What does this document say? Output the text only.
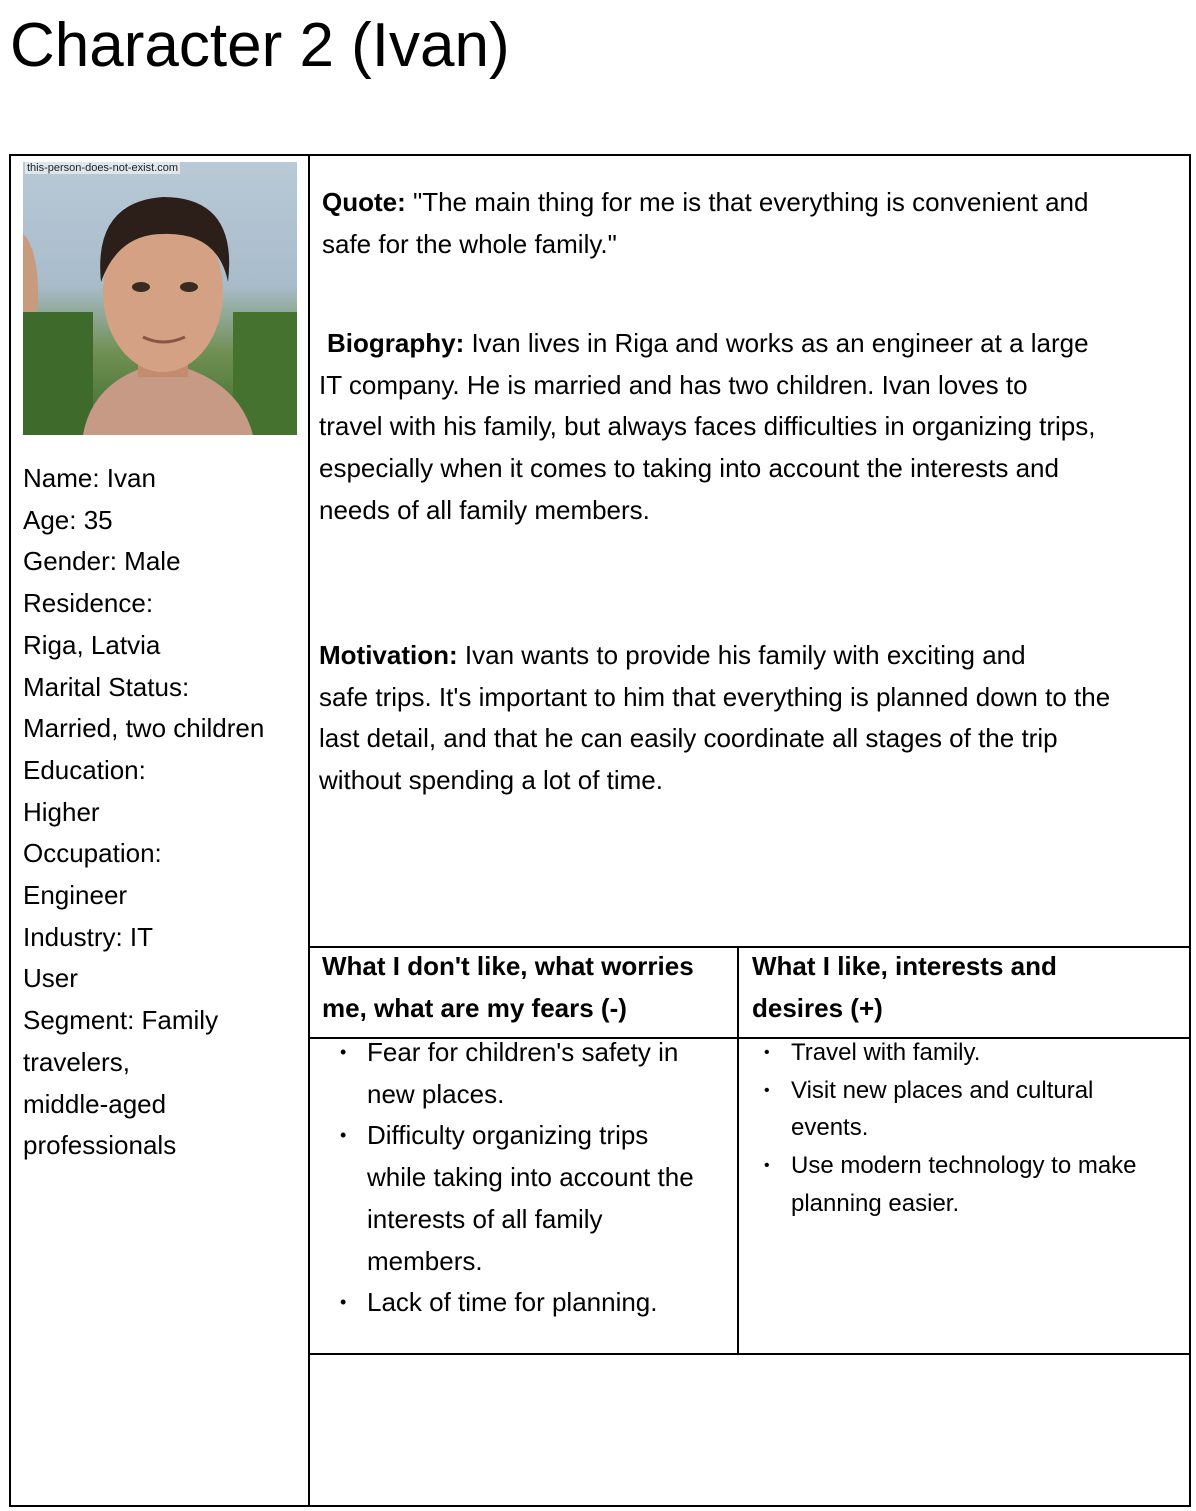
Character 2 (Ivan)
this-person-does-not-exist.com
Name: Ivan
Age: 35
Gender: Male
Residence:
Riga, Latvia
Marital Status:
Married, two children
Education:
Higher
Occupation:
Engineer
Industry: IT
User
Segment: Family
travelers,
middle-aged
professionals
Quote: "The main thing for me is that everything is convenient and
safe for the whole family."
Biography: Ivan lives in Riga and works as an engineer at a large
IT company. He is married and has two children. Ivan loves to
travel with his family, but always faces difficulties in organizing trips,
especially when it comes to taking into account the interests and
needs of all family members.
Motivation: Ivan wants to provide his family with exciting and
safe trips. It's important to him that everything is planned down to the
last detail, and that he can easily coordinate all stages of the trip
without spending a lot of time.
What I don't like, what worries
me, what are my fears (-)
What I like, interests and
desires (+)
• Fear for children's safety in
new places.
• Difficulty organizing trips
while taking into account the
interests of all family
members.
• Lack of time for planning.
• Travel with family.
• Visit new places and cultural
events.
• Use modern technology to make
planning easier.
